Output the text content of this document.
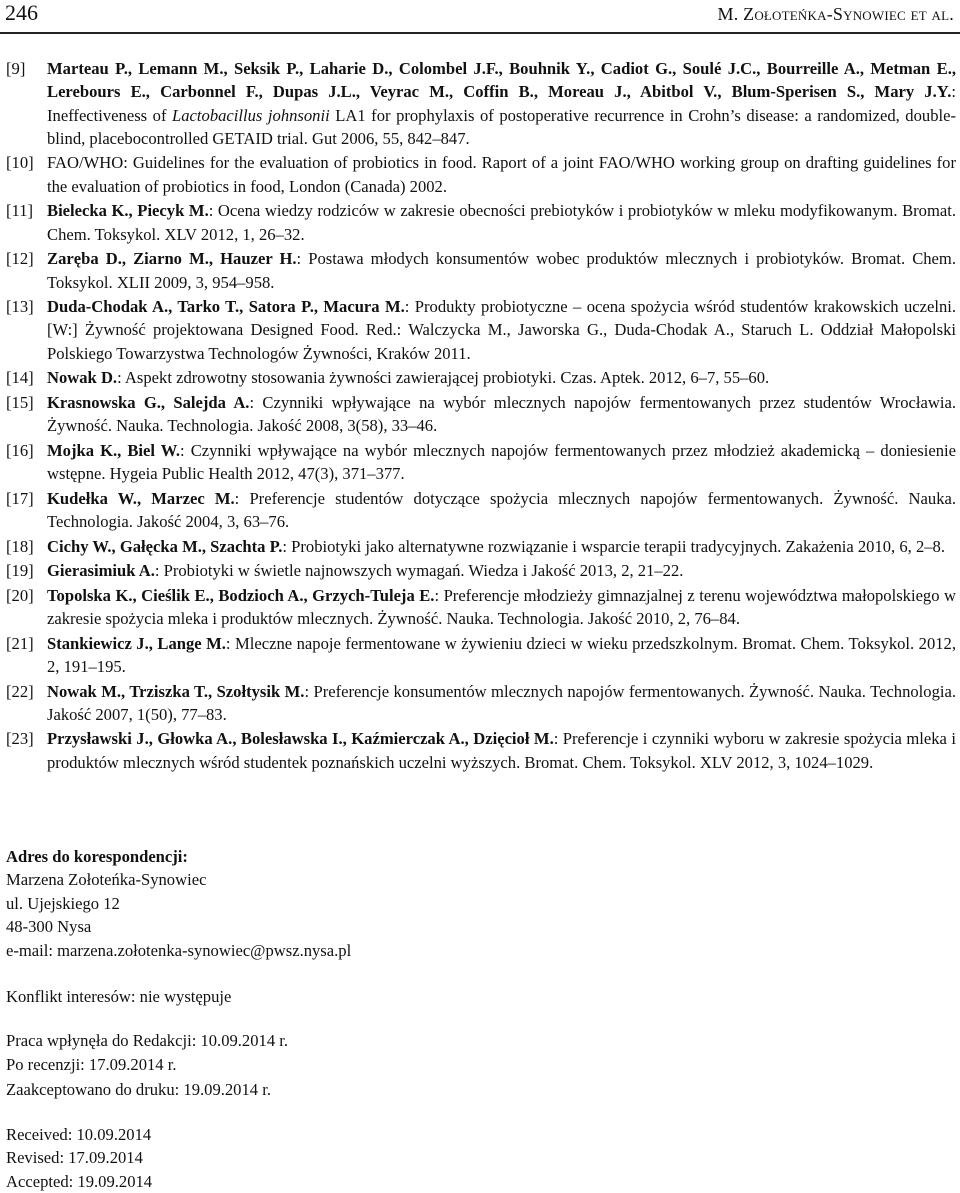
246	M. Zołoteńka-Synowiec et al.
[9] Marteau P., Lemann M., Seksik P., Laharie D., Colombel J.F., Bouhnik Y., Cadiot G., Soulé J.C., Bourreille A., Metman E., Lerebours E., Carbonnel F., Dupas J.L., Veyrac M., Coffin B., Moreau J., Abitbol V., Blum-Sperisen S., Mary J.Y.: Ineffectiveness of Lactobacillus johnsonii LA1 for prophylaxis of postoperative recurrence in Crohn’s disease: a randomized, double-blind, placebocontrolled GETAID trial. Gut 2006, 55, 842–847.
[10] FAO/WHO: Guidelines for the evaluation of probiotics in food. Raport of a joint FAO/WHO working group on drafting guidelines for the evaluation of probiotics in food, London (Canada) 2002.
[11] Bielecka K., Piecyk M.: Ocena wiedzy rodziców w zakresie obecności prebiotyków i probiotyków w mleku modyfikowanym. Bromat. Chem. Toksykol. XLV 2012, 1, 26–32.
[12] Zaręba D., Ziarno M., Hauzer H.: Postawa młodych konsumentów wobec produktów mlecznych i probiotyków. Bromat. Chem. Toksykol. XLII 2009, 3, 954–958.
[13] Duda-Chodak A., Tarko T., Satora P., Macura M.: Produkty probiotyczne – ocena spożycia wśród studentów krakowskich uczelni. [W:] Żywność projektowana Designed Food. Red.: Walczycka M., Jaworska G., Duda-Chodak A., Staruch L. Oddział Małopolski Polskiego Towarzystwa Technologów Żywności, Kraków 2011.
[14] Nowak D.: Aspekt zdrowotny stosowania żywności zawierającej probiotyki. Czas. Aptek. 2012, 6–7, 55–60.
[15] Krasnowska G., Salejda A.: Czynniki wpływające na wybór mlecznych napojów fermentowanych przez studentów Wrocławia. Żywność. Nauka. Technologia. Jakość 2008, 3(58), 33–46.
[16] Mojka K., Biel W.: Czynniki wpływające na wybór mlecznych napojów fermentowanych przez młodzież akademicką – doniesienie wstępne. Hygeia Public Health 2012, 47(3), 371–377.
[17] Kudełka W., Marzec M.: Preferencje studentów dotyczące spożycia mlecznych napojów fermentowanych. Żywność. Nauka. Technologia. Jakość 2004, 3, 63–76.
[18] Cichy W., Gałęcka M., Szachta P.: Probiotyki jako alternatywne rozwiązanie i wsparcie terapii tradycyjnych. Zakażenia 2010, 6, 2–8.
[19] Gierasimiuk A.: Probiotyki w świetle najnowszych wymagań. Wiedza i Jakość 2013, 2, 21–22.
[20] Topolska K., Cieślik E., Bodzioch A., Grzych-Tuleja E.: Preferencje młodzieży gimnazjalnej z terenu województwa małopolskiego w zakresie spożycia mleka i produktów mlecznych. Żywność. Nauka. Technologia. Jakość 2010, 2, 76–84.
[21] Stankiewicz J., Lange M.: Mleczne napoje fermentowane w żywieniu dzieci w wieku przedszkolnym. Bromat. Chem. Toksykol. 2012, 2, 191–195.
[22] Nowak M., Trziszka T., Szołtysik M.: Preferencje konsumentów mlecznych napojów fermentowanych. Żywność. Nauka. Technologia. Jakość 2007, 1(50), 77–83.
[23] Przysławski J., Głowka A., Bolesławska I., Kaźmierczak A., Dzięcioł M.: Preferencje i czynniki wyboru w zakresie spożycia mleka i produktów mlecznych wśród studentek poznańskich uczelni wyższych. Bromat. Chem. Toksykol. XLV 2012, 3, 1024–1029.
Adres do korespondencji:
Marzena Zołoteńka-Synowiec
ul. Ujejskiego 12
48-300 Nysa
e-mail: marzena.zołotenka-synowiec@pwsz.nysa.pl
Konflikt interesów: nie występuje
Praca wpłynęła do Redakcji: 10.09.2014 r.
Po recenzji: 17.09.2014 r.
Zaakceptowano do druku: 19.09.2014 r.
Received: 10.09.2014
Revised: 17.09.2014
Accepted: 19.09.2014
